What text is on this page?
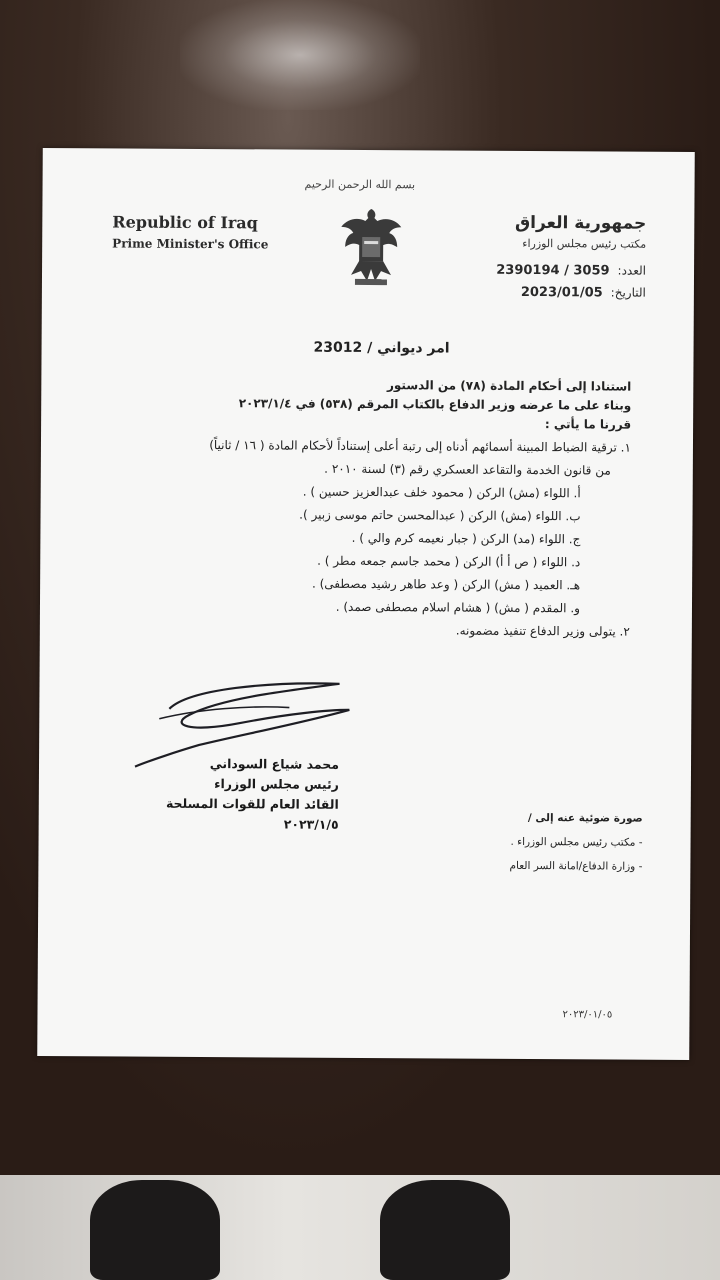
بسم الله الرحمن الرحيم
Republic of Iraq
Prime Minister's Office
جمهورية العراق
مكتب رئيس مجلس الوزراء
العدد:
2390194 / 3059
التاريخ:
2023/01/05
امر ديواني / 23012

استنادا إلى أحكام المادة (٧٨) من الدستور

وبناء على ما عرضه وزير الدفاع بالكتاب المرقم (٥٣٨) في ٢٠٢٣/١/٤

قررنا ما يأتي :

١. ترقية الضباط المبينة أسمائهم أدناه إلى رتبة أعلى إستناداً لأحكام المادة ( ١٦ / ثانياً)

من قانون الخدمة والتقاعد العسكري رقم (٣) لسنة ٢٠١٠ .

أ. اللواء (مش) الركن ( محمود خلف عبدالعزيز حسين ) .

ب. اللواء (مش) الركن ( عبدالمحسن حاتم موسى زبير ).

ج. اللواء (مد) الركن ( جبار نعيمه كرم والي ) .

د. اللواء ( ص أ أ) الركن ( محمد جاسم جمعه مطر ) .

هـ. العميد ( مش) الركن ( وعد طاهر رشيد مصطفى) .

و. المقدم ( مش) ( هشام اسلام مصطفى صمد) .

٢. يتولى وزير الدفاع تنفيذ مضمونه.

محمد شياع السوداني
رئيس مجلس الوزراء
القائد العام للقوات المسلحة
٢٠٢٣/١/٥	صورة ضوئية عنه إلى /
- مكتب رئيس مجلس الوزراء .
- وزارة الدفاع/امانة السر العام
٢٠٢٣/٠١/٠٥
